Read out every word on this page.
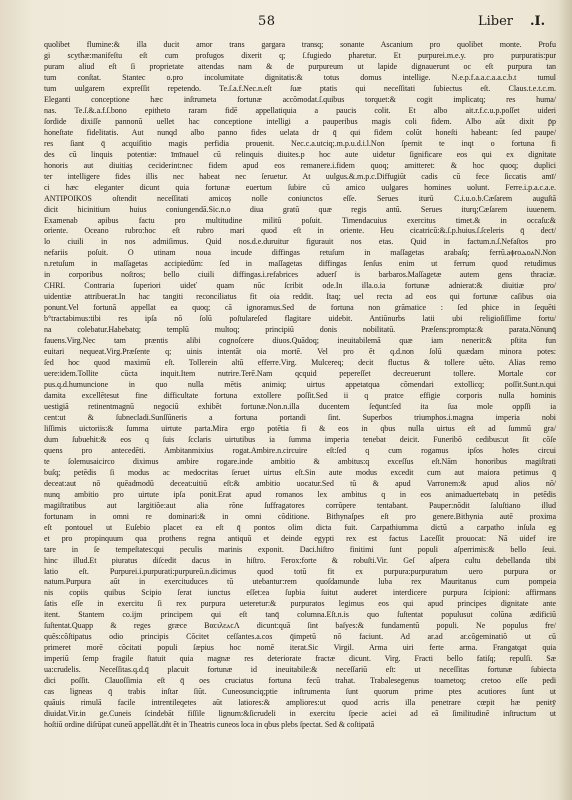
58	Liber .I.
quolibet flumine:& illa ducit amor trans gargara transq; sonante Ascanium pro quolibet monte. Profu
gi scythæ:manifeſtu eſt cum profugos dixerit q; ſ.fugiedo pharetur. Et purpurei.m.e.y. pro purpuratis:pur
puram aliud eſt ſi proprietate attendas nam & de purpureum ut lapide dignauerunt oc eſt purpura tan
tum conſtat. Stantec o.pro incolumitate dignitatis:& totus domus intellige. N.e.p.f.a.a.c.a.a.c.b.t tumul
tum uulgarem expreſſit repetendo. Te.ſ.a.f.Nec.n.eſt ſuæ ptatis qui neceſſitati ſubiectus eſt. Claus.t.e.t.c.m.
Eleganti conceptione hæc inſtrumeta fortunæ accõmodat.ſ.quibus torquet:& cogit implicatq; res huma/
nas. Te.ſ.&.a.f.ſ.bono epitheto raram fidē appellatiquia a paucis colit. Et albo ait.r.f.c.u.p.poſſet uideri
ſordide dixiſſe pannonū uellet hac conceptione intelligi a pauperibus magis coli fidem. Albo aūt dixit p̄p
honeſtate fidelitatis. Aut nunqd albo panno fides uelata dr q̄ qui fidem colūt honeſti habeant: ſed paupe/
res ſiant q̄ acquiſitio magis perfidia prouenit. Nec.c.a.utciq;.m.p.u.d.i.l.Non ſpernit te inqt o fortuna fi
des cū linquis potentiæ: īmīnauel cū relinquis diuites.p hoc aute uidetur ſignificare eos qui ex dignitate
honoris aut diuitiaș ceciderint:nec fidem apud eos remanere.i.fidem quoq; amitteret: & hoc quoq; duplici
ter intelligere fides illis nec habeat nec ſeruetur. At uulgus.&.m.p.c.Diffugiūt cadis cū fece ſiccatis amī/
ci hæc eleganter dicunt quia fortunæ euertum ſubire cū amico uulgares homines uolunt. Ferre.i.p.a.c.a.e.
ANTIPOIKOS oſtendit neceſſitati amicoș nolle coniunctos eſſe. Serues iturū C.i.u.o.b.Cæſarem auguſtā
dicit hicinitium huius coniungendā.Sic.n.o diua gratū quæ regis antū. Serues iturq;Cæſarem iuuenem.
Examenab apibus factu pro multitudine militū poſuit. Timendacuius exercitus timet.& in occaſu:&
oriente. Oceano rubro:hoc eſt rubro mari quod eſt in oriente. Heu cicatricū:&.ſ.p.huius.ſ.ſceleris q̄ dect/
lo ciuili in nos admiſimus. Quid nos.d.e.duruitur figurauit nos etas. Quid in factum.n.ſ.Nefaſtos pro
nefariis poſuit. O utinam noua incude diffingas retuſum in maſſagetas arabaſq; ferrū.aⲫroⲇoⲁN.Non
n.retuſum in maſſagetas accipiedūm: ſed in maſſagetas diffingas ſenſus enim ut ferrum quod retudimus
in corporibus noſtros; bello ciuili diffingas.i.refabrices aduerſ is barbaros.Maſſagetæ autem gens thraciæ.
CHRI. Contraria ſuperiori uideť quam nūc ſcribit ode.In illa.o.ia fortunæ adnierat:& diuitiæ pro/
uidentiæ attribuerat.In hac tangiti reconciliatus fit oia reddit. Itaq; uel recta ad eos qui fortunæ caſibus oia
ponunt.Vel fortunā appellat ea quoq; cā ignoramus.Sed de fortuna non grāmatice : ſed phice in ſequēti
b°tractabimus:tibi res ipſa nō ſolū poſtulareſed flagitare uidebit. Antiūnurbs latii ubi religioſiſſime fortu/
na colebatur.Habebatq; templū multoq; principiū donis nobilitatū. Præſens:prompta:& parata.Nōnunq̄
fauens.Virg.Nec tam præntis alibi cognoſcere diuos.Quādoq; ineuitabilemā quæ iam nenerit:& pſtita fun
euitari nequeat.Virg.Præſente q; uinis intentāt oia mortē. Vel pro ēt q.d.non ſolū quædam minora potes:
ſed hoc quod maximū eſt. Tollerein altū efferre.Virg. Mulcereq; decit fluctus & tollere uēto. Alias remo
uere:idem.Tollite cūcta inquit.Item nutrire.Terē.Nam qcquid pepereſſet decreuerunt tollere. Mortale cor
pus.q.d.humuncione in quo nulla mētis animiq; uirtus appetatqua cōmendari extollicq; poſſit.Sunt.n.qui
damita excellētesut fine difficultate fortuna extollere poſſit.Sed ii q pratce effigie corporis nulla hominis
uestigiā retinentmagnū negociū exhibēt fortunæ.Non.n.illa ducentem ſeq̄unt:ſed ita ſua mole oppſſi ia
cent:ut & ſubnecladi.Sunſſūneris a fortuna portandi ſint. Superbos triumphos.i.magna imperia nobi
liſſimis uictoriis:& ſumma uirtute parta.Mira ergo potētia fi & eos in qbus nulla uirtus eſt ad ſummū gra/
dum ſubuehit:& eos q ſuis ſcclaris uirtutibus ia ſumma imperia tenebat deicit. Funeribō cedibus:ut ſit cōſe
quens pro antecedēti. Ambitanmixius rogat.Ambire.n.circuire eſt:ſed q cum rogamus ipſos hoīes circui
te ſolemusaicirco diximus ambire rogare.inde ambitio & ambitus:q exceſſus eſt.Nām honoribus magiſtrati
buſq; petēdis ſi modus ac medocritas ſeruet uirtus eſt.Sin aute modus excedit cum aut maiora petimus q̄
deceat:aut nō quēadmodū deceat:uitiū eſt:& ambitio uocatur.Sed tū & apud Varronem:& apud alios nō/
nunq ambitio pro uirtute ipſa ponit.Erat apud romanos lex ambitus q in eos animaduertebatq in petēdis
magiſtratibus aut largitiõe:aut alia rõne ſuffragatores corrūpere tentabant. Pauper:nōdit ſaluſtiano illud
fortunam in omni re dominari:& in omni cõditione. Bithynaſpes eſt pro genere.Bithynia autē proxima
eſt pontouel ut Euſebio placet ea eſt q̄ pontos olim dicta fuit. Carpathiumma dictū a carpatho inſula eg
et pro propinquum qua prothens regna antiquū et deinde egypti rex est factus Laceſſit prouocat: Nā uidef ire
tare in ſe tempeſtates:qui peculis marinis exponit. Daci.hiſtro finitimi ſunt populi aſperrimis:& bello ſeui.
hinc illud.Et piuratus diſcedit dacus in hiſtro. Ferox:forte & robuſti.Vir. Geſ aſpera cultu debellanda tibi
latio eſt. Purpurei.i.purpurati:purpureū.n.dicimus quod totū fit ex purpura:purpuratum uero purpura or
natum.Purpura aūt in exercituduces tū utebantur:rem quoſdamunde luba rex Mauritanus cum pompeia
nis copiis quibus Scipio ſerat iunctus eſſet:ea ſupbia ſuitut auderet interdicere purpura ſcipioni: affirmans
ſatis eſſe in exercitu ſi rex purpura ueteretur:& purpuratos legimus eos qui apud principes dignitate ante
itent. Stantem co.ijm principem qui eſt tanq̄ columna.Eſt.n.is quo ſuſtentat populusut colūna ædificiū
ſuſtentat.Quapp & reges græce BαϲιλεⲁϲΛ dicunt:quā ſint baſyes:& fundamentū populi. Ne populus fre/
quēs:cõſtipatus odio principis Cōcitet ceſſantes.a.cos q̄impetū nō faciunt. Ad ar.ad ar.cõgeminatiõ ut cū
primeret morē cõcitati populi ſæpius hoc nomē iterat.Sic Virgil. Arma uiri ferte arma. Frangatqat quia
imperiū ſemp fragile ſtatuit quia magnæ res deteriorate fractæ dicunt. Virg. Fracti bello fatiſq; repulſi. Sæ
ua:crudelis. Neceſſitas.q.d.q̄ placuit fortunæ id ineuitabile:& neceſſariū eſt: ut neceſſitas fortunæ ſubiecta
dici poſſit. Clauoſſimia eſt q̄ oes cruciatus fortuna fecū trahat. Trabalesegenus toametoq; cretoo eſſe pedi
cas ligneas q̄ trabis inſtar ſiūt. Cuneosunciq;ptie inſtrumenta ſunt quorum prime ptes acutiores ſunt ut
quāuis rimulā facile intrentileqetes aūt latiores:& ampliores:ut quod acris illa penetrare cœpit hæ penitȳ
diuidat.Vir.in ge.Cuneis ſcindebāt fiſſile lignum:&ſicrudeli in exercitu ſpecie aciei ad eā ſimilitudinē inſtructum ut
hoſtiū ordine diſrūpat cuneū appellāt.dñt ēt in Theatris cuneos loca in qbus plebs ſpectat. Sed & coſtipatā
